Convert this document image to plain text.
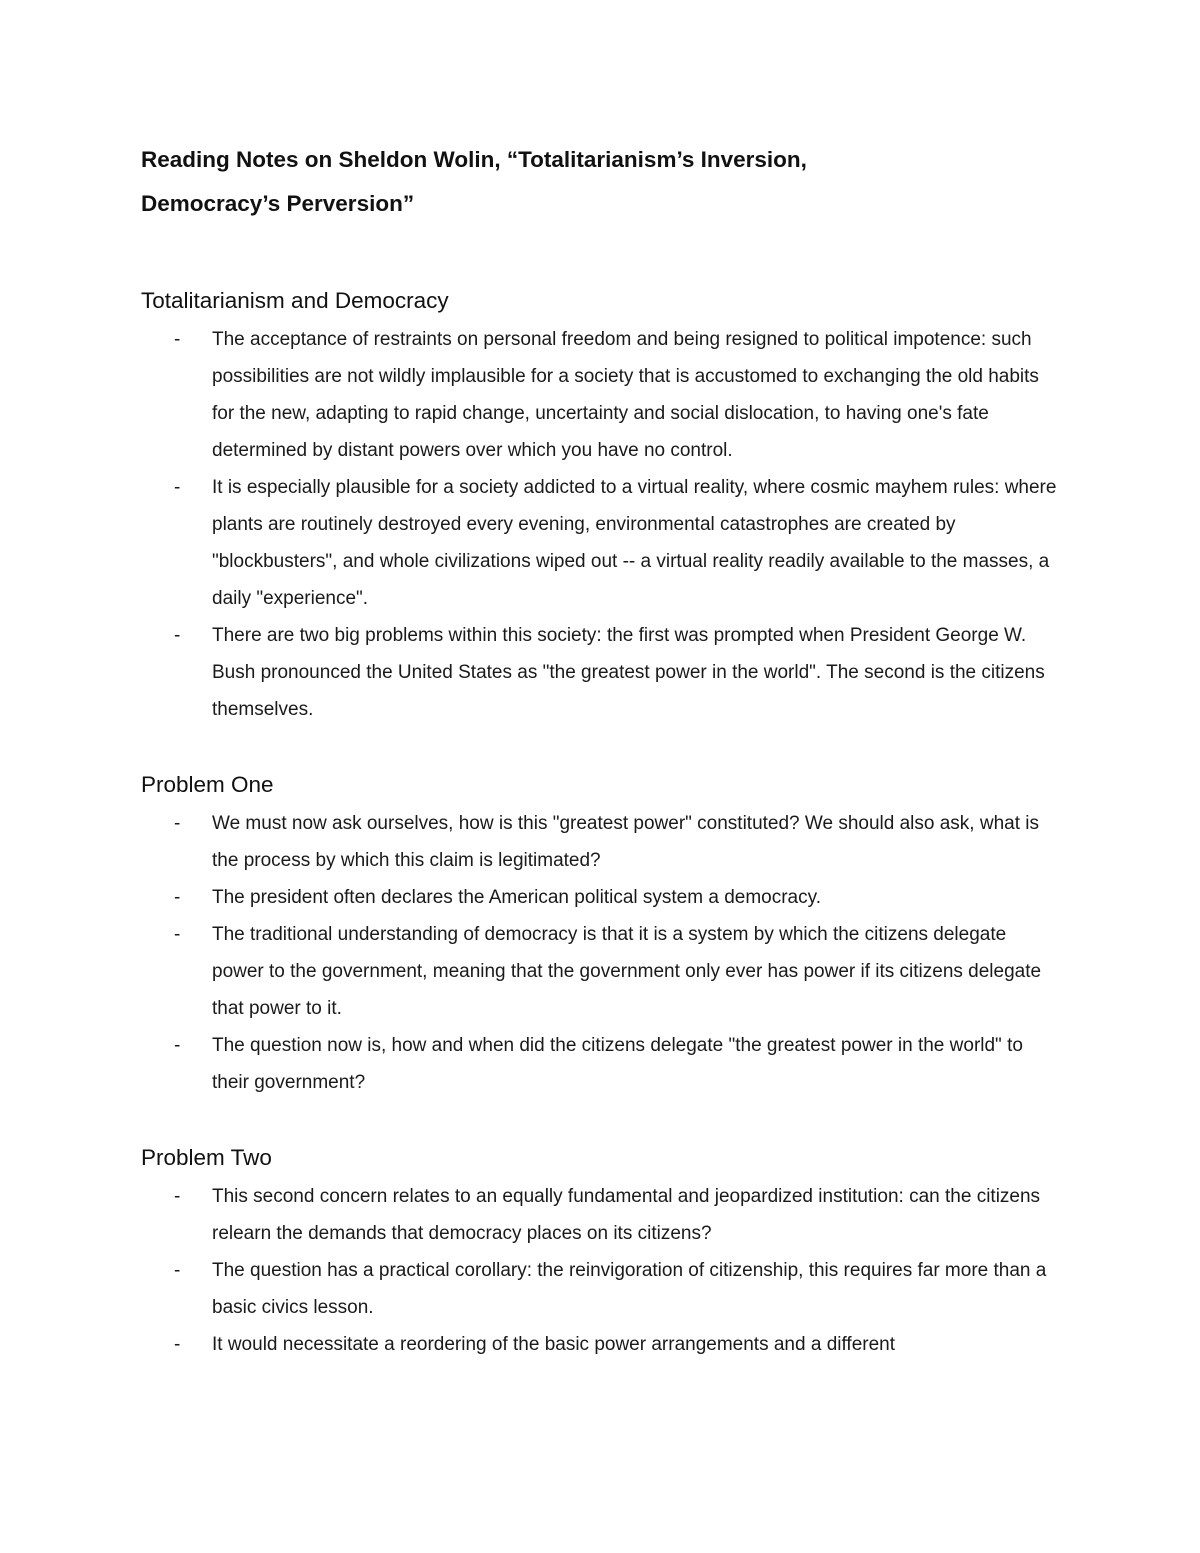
Reading Notes on Sheldon Wolin, “Totalitarianism’s Inversion,
Democracy’s Perversion”
Totalitarianism and Democracy
- The acceptance of restraints on personal freedom and being resigned to political impotence: such possibilities are not wildly implausible for a society that is accustomed to exchanging the old habits for the new, adapting to rapid change, uncertainty and social dislocation, to having one's fate determined by distant powers over which you have no control.
- It is especially plausible for a society addicted to a virtual reality, where cosmic mayhem rules: where plants are routinely destroyed every evening, environmental catastrophes are created by "blockbusters", and whole civilizations wiped out -- a virtual reality readily available to the masses, a daily "experience".
- There are two big problems within this society: the first was prompted when President George W. Bush pronounced the United States as "the greatest power in the world". The second is the citizens themselves.
Problem One
- We must now ask ourselves, how is this "greatest power" constituted? We should also ask, what is the process by which this claim is legitimated?
- The president often declares the American political system a democracy.
- The traditional understanding of democracy is that it is a system by which the citizens delegate power to the government, meaning that the government only ever has power if its citizens delegate that power to it.
- The question now is, how and when did the citizens delegate "the greatest power in the world" to their government?
Problem Two
- This second concern relates to an equally fundamental and jeopardized institution: can the citizens relearn the demands that democracy places on its citizens?
- The question has a practical corollary: the reinvigoration of citizenship, this requires far more than a basic civics lesson.
- It would necessitate a reordering of the basic power arrangements and a different
